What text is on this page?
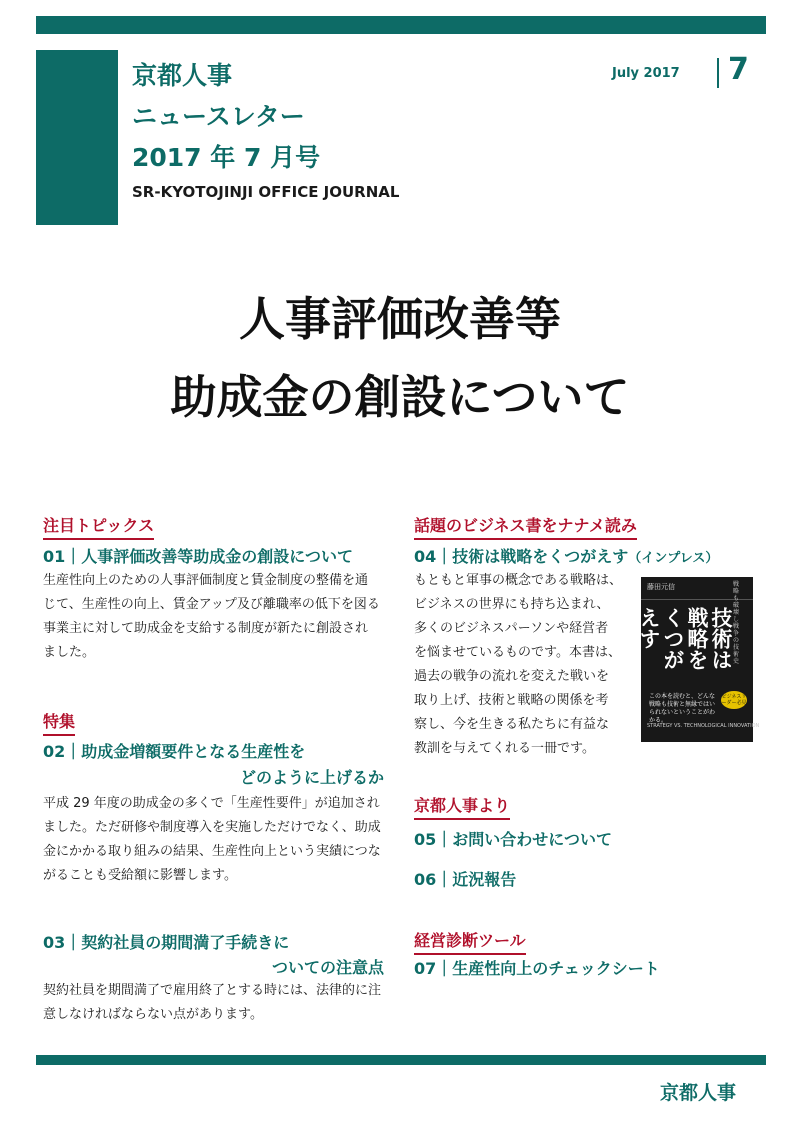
京都人事
ニュースレター
2017 年 7 月号
SR-KYOTOJINJI OFFICE JOURNAL
July 2017 7
人事評価改善等
助成金の創設について
注目トピックス
01｜人事評価改善等助成金の創設について
生産性向上のための人事評価制度と賃金制度の整備を通
じて、生産性の向上、賃金アップ及び離職率の低下を図る
事業主に対して助成金を支給する制度が新たに創設され
ました。
特集
02｜助成金増額要件となる生産性を
どのように上げるか
平成 29 年度の助成金の多くで「生産性要件」が追加され
ました。ただ研修や制度導入を実施しただけでなく、助成
金にかかる取り組みの結果、生産性向上という実績につな
がることも受給額に影響します。
03｜契約社員の期間満了手続きに
ついての注意点
契約社員を期間満了で雇用終了とする時には、法律的に注
意しなければならない点があります。
話題のビジネス書をナナメ読み
04｜技術は戦略をくつがえす（インプレス）
もともと軍事の概念である戦略は、
ビジネスの世界にも持ち込まれ、
多くのビジネスパーソンや経営者
を悩ませているものです。本書は、
過去の戦争の流れを変えた戦いを
取り上げ、技術と戦略の関係を考
察し、今を生きる私たちに有益な
教訓を与えてくれる一冊です。
藤田元信	戦略も破壊し戦争の技術史
技術は戦略をくつがえす
この本を読むと、どんな戦略も技術と無縁ではいられないということがわかる。
ビジネスリーダー必見
STRATEGY VS. TECHNOLOGICAL INNOVATION
京都人事より
05｜お問い合わせについて
06｜近況報告
経営診断ツール
07｜生産性向上のチェックシート
京都人事
